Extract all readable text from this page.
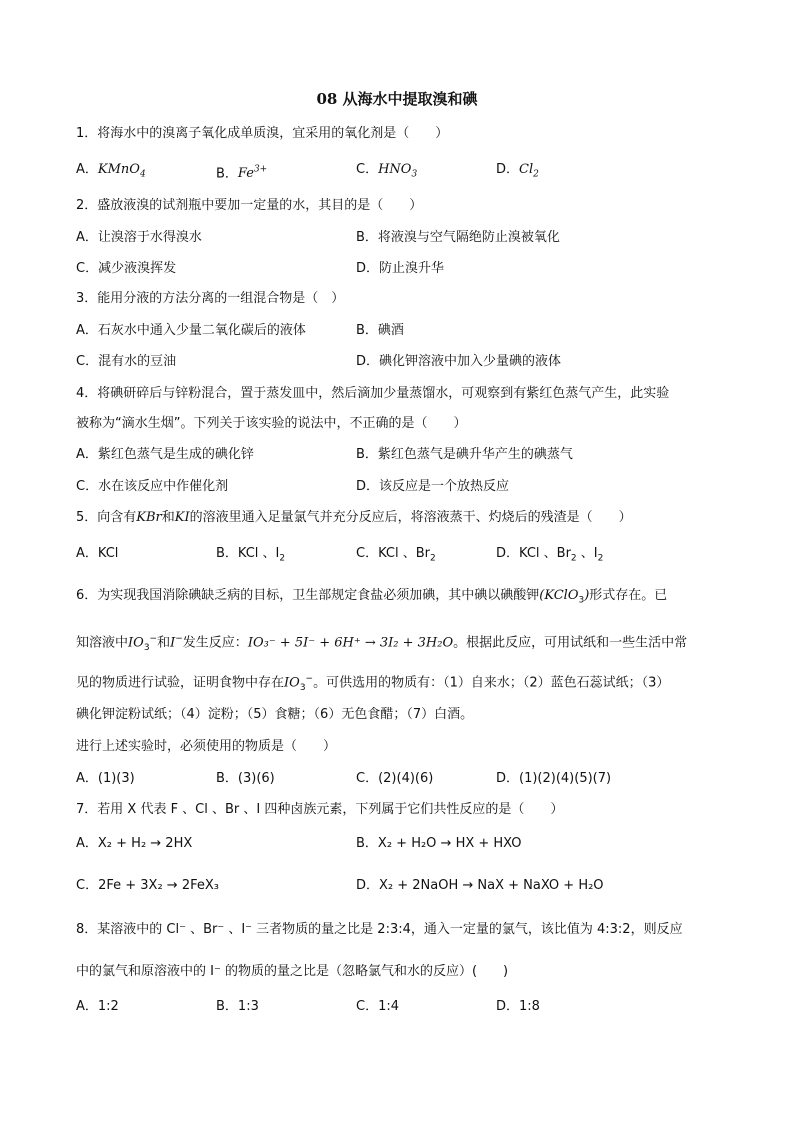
08 从海水中提取溴和碘
1．将海水中的溴离子氧化成单质溴，宜采用的氧化剂是（　　）
A．KMnO$_4$	B．$Fe^{3+}$	C．$HNO_3$	D．$Cl_2$
2．盛放液溴的试剂瓶中要加一定量的水，其目的是（　　）
A．让溴溶于水得溴水	B．将液溴与空气隔绝防止溴被氧化
C．减少液溴挥发	D．防止溴升华
3．能用分液的方法分离的一组混合物是（　）
A．石灰水中通入少量二氧化碳后的液体	B．碘酒
C．混有水的豆油	D．碘化钾溶液中加入少量碘的液体
4．将碘研碎后与锌粉混合，置于蒸发皿中，然后滴加少量蒸馏水，可观察到有紫红色蒸气产生，此实验
被称为“滴水生烟”。下列关于该实验的说法中，不正确的是（　　）
A．紫红色蒸气是生成的碘化锌	B．紫红色蒸气是碘升华产生的碘蒸气
C．水在该反应中作催化剂	D．该反应是一个放热反应
5．向含有KBr和KI的溶液里通入足量氯气并充分反应后，将溶液蒸干、灼烧后的残渣是（　　）
A．KCl	B．KCl 、$I_2$	C．KCl 、$Br_2$	D．KCl 、$Br_2$ 、$I_2$
6．为实现我国消除碘缺乏病的目标，卫生部规定食盐必须加碘，其中碘以碘酸钾(KClO$_3$)形式存在。已
知溶液中$IO_3^-$和I−发生反应：IO₃⁻ + 5I⁻ + 6H⁺ → 3I₂ + 3H₂O。根据此反应，可用试纸和一些生活中常
见的物质进行试验，证明食物中存在$IO_3^-$。可供选用的物质有：（1）自来水；（2）蓝色石蕊试纸；（3）
碘化钾淀粉试纸；（4）淀粉；（5）食糖；（6）无色食醋；（7）白酒。
进行上述实验时，必须使用的物质是（　　）
A．(1)(3)	B．(3)(6)	C．(2)(4)(6)	D．(1)(2)(4)(5)(7)
7．若用 X 代表 F 、Cl 、Br 、I 四种卤族元素，下列属于它们共性反应的是（　　）
A．X₂ + H₂ → 2HX	B．X₂ + H₂O → HX + HXO
C．2Fe + 3X₂ → 2FeX₃	D．X₂ + 2NaOH → NaX + NaXO + H₂O
8．某溶液中的 Cl⁻ 、Br⁻ 、I⁻ 三者物质的量之比是 2:3:4，通入一定量的氯气，该比值为 4:3:2，则反应
中的氯气和原溶液中的 I⁻ 的物质的量之比是（忽略氯气和水的反应）(　　)
A．1:2	B．1:3	C．1:4	D．1:8
